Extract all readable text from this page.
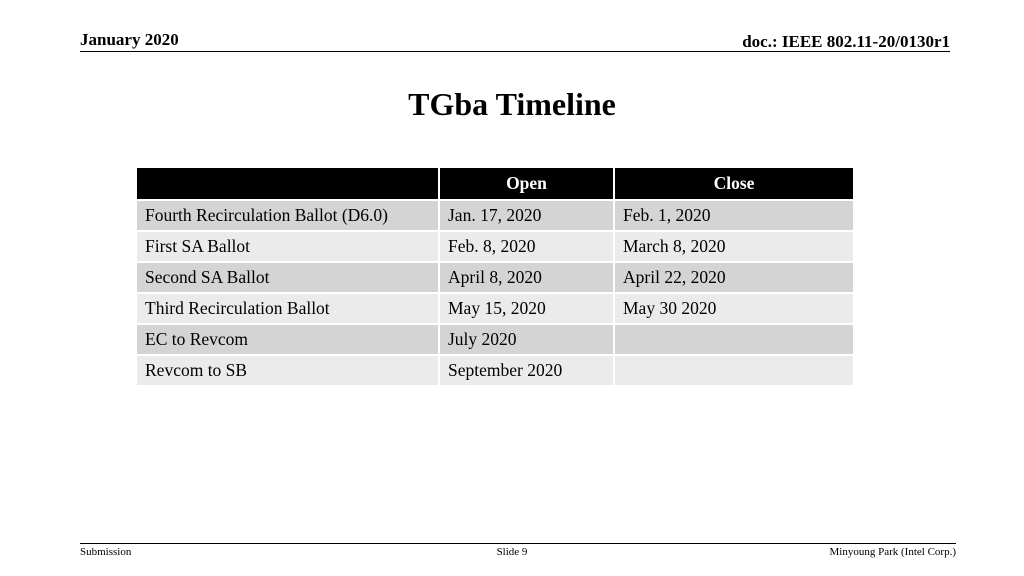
January 2020	doc.: IEEE 802.11-20/0130r1
TGba Timeline
	Open	Close
Fourth Recirculation Ballot (D6.0)	Jan. 17, 2020	Feb. 1, 2020
First SA Ballot	Feb. 8, 2020	March 8, 2020
Second SA Ballot	April 8, 2020	April 22, 2020
Third Recirculation Ballot	May 15, 2020	May 30 2020
EC to Revcom	July 2020	
Revcom to SB	September 2020	
Submission	Slide 9	Minyoung Park (Intel Corp.)
